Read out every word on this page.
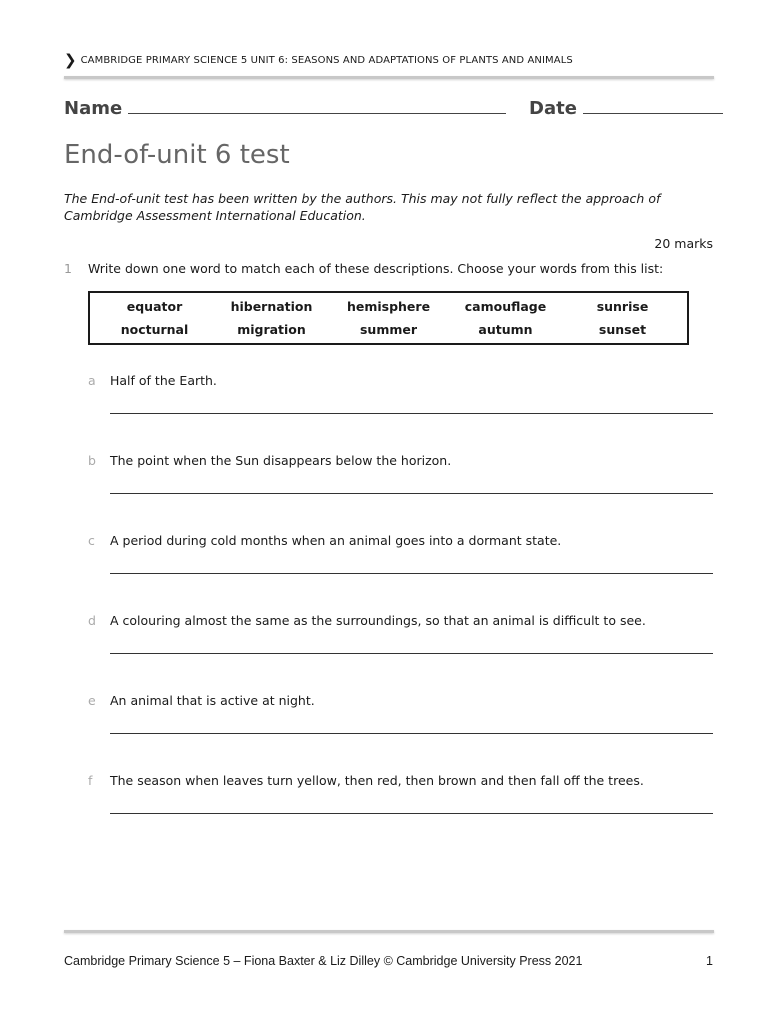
❯ CAMBRIDGE PRIMARY SCIENCE 5 UNIT 6: SEASONS AND ADAPTATIONS OF PLANTS AND ANIMALS
Name	Date
End-of-unit 6 test
The End-of-unit test has been written by the authors. This may not fully reflect the approach of Cambridge Assessment International Education.
20 marks
1 Write down one word to match each of these descriptions. Choose your words from this list:
equator	hibernation	hemisphere	camouflage	sunrise
nocturnal	migration	summer	autumn	sunset
a Half of the Earth.
b The point when the Sun disappears below the horizon.
c A period during cold months when an animal goes into a dormant state.
d A colouring almost the same as the surroundings, so that an animal is difficult to see.
e An animal that is active at night.
f The season when leaves turn yellow, then red, then brown and then fall off the trees.
Cambridge Primary Science 5 – Fiona Baxter & Liz Dilley © Cambridge University Press 2021	1
